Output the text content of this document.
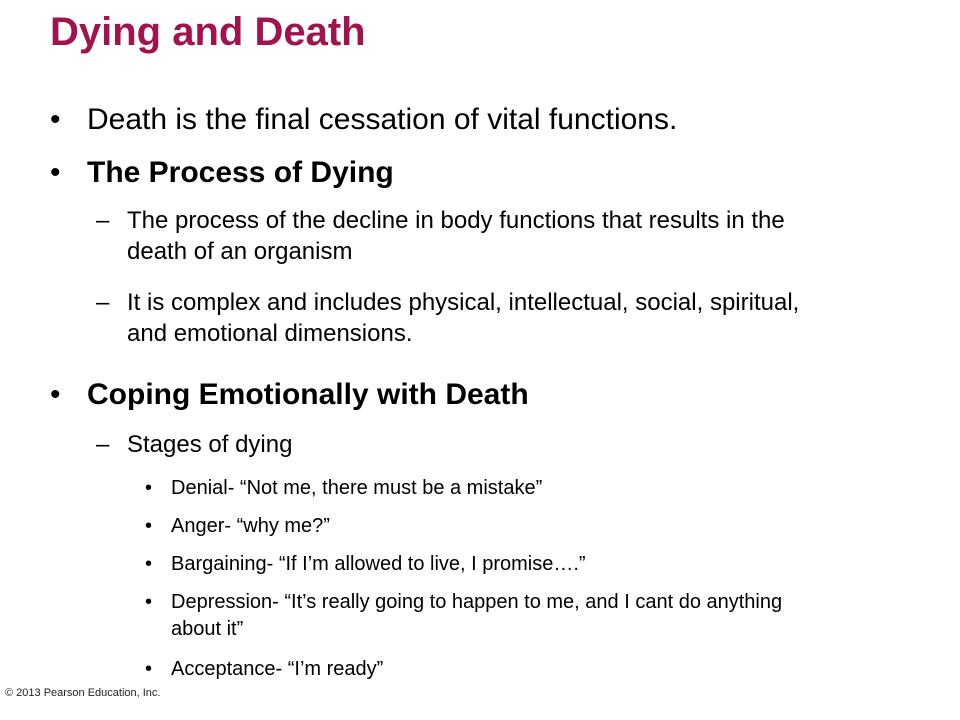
Dying and Death
• Death is the final cessation of vital functions.
• The Process of Dying
– The process of the decline in body functions that results in the death of an organism
– It is complex and includes physical, intellectual, social, spiritual, and emotional dimensions.
• Coping Emotionally with Death
– Stages of dying
• Denial- “Not me, there must be a mistake”
• Anger- “why me?”
• Bargaining- “If I’m allowed to live, I promise….”
• Depression- “It’s really going to happen to me, and I cant do anything about it”
• Acceptance- “I’m ready”
© 2013 Pearson Education, Inc.
